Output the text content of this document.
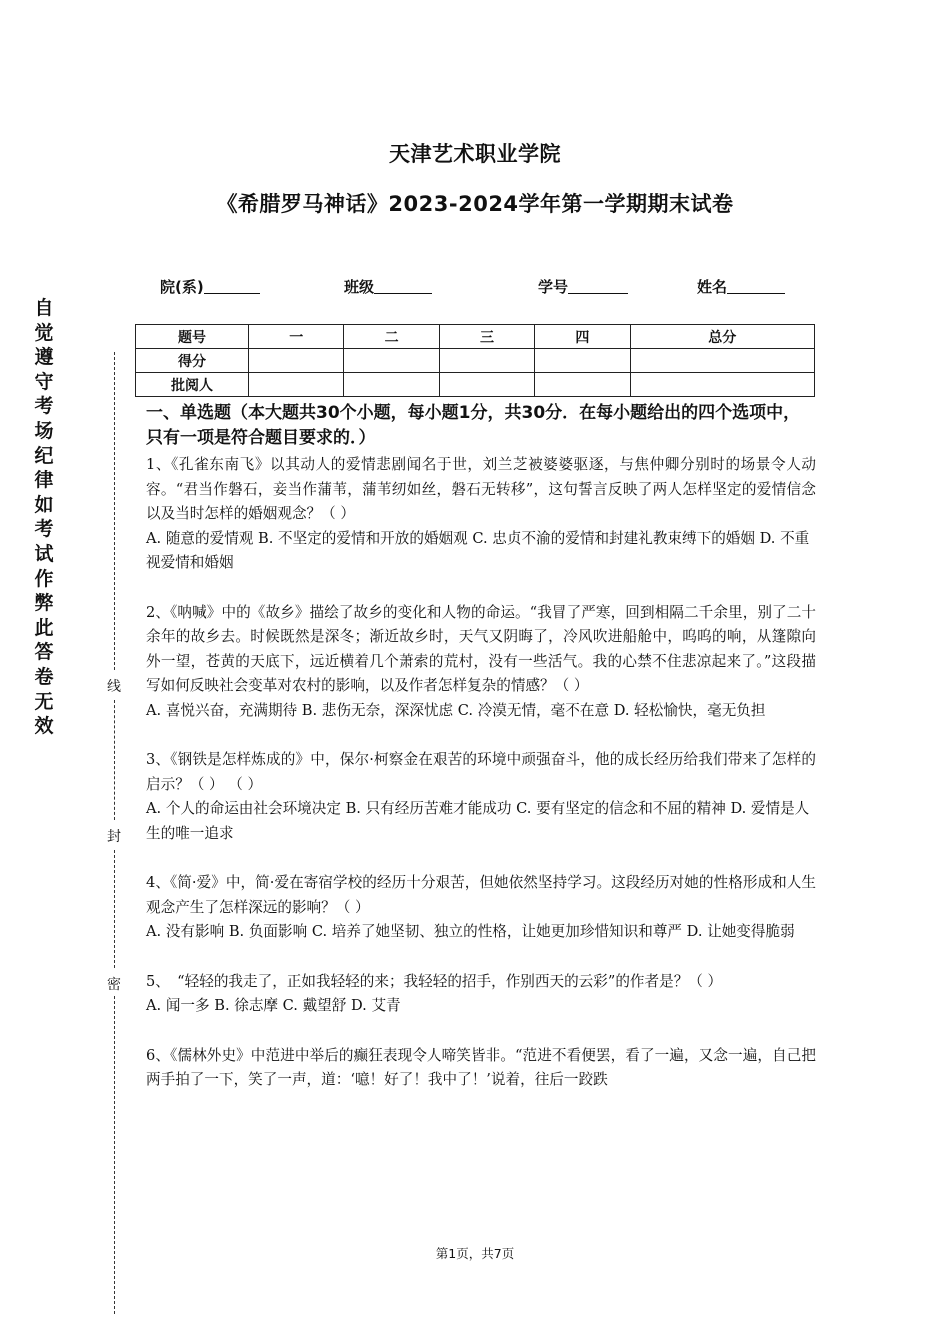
天津艺术职业学院
《希腊罗马神话》2023-2024学年第一学期期末试卷
院(系)	班级	学号	姓名
题号	一	二	三	四	总分
得分					
批阅人					
自
觉
遵
守
考
场
纪
律
如
考
试
作
弊
此
答
卷
无
效
线
封
密
一、单选题（本大题共30个小题，每小题1分，共30分．在每小题给出的四个选项中，只有一项是符合题目要求的．）

1、《孔雀东南飞》以其动人的爱情悲剧闻名于世，刘兰芝被婆婆驱逐，与焦仲卿分别时的场景令人动容。“君当作磐石，妾当作蒲苇，蒲苇纫如丝，磐石无转移”，这句誓言反映了两人怎样坚定的爱情信念以及当时怎样的婚姻观念？（ ）

A. 随意的爱情观 B. 不坚定的爱情和开放的婚姻观 C. 忠贞不渝的爱情和封建礼教束缚下的婚姻 D. 不重视爱情和婚姻

2、《呐喊》中的《故乡》描绘了故乡的变化和人物的命运。“我冒了严寒，回到相隔二千余里，别了二十余年的故乡去。时候既然是深冬；渐近故乡时，天气又阴晦了，冷风吹进船舱中，呜呜的响，从篷隙向外一望，苍黄的天底下，远近横着几个萧索的荒村，没有一些活气。我的心禁不住悲凉起来了。”这段描写如何反映社会变革对农村的影响，以及作者怎样复杂的情感？（ ）

A. 喜悦兴奋，充满期待 B. 悲伤无奈，深深忧虑 C. 冷漠无情，毫不在意 D. 轻松愉快，毫无负担

3、《钢铁是怎样炼成的》中，保尔·柯察金在艰苦的环境中顽强奋斗，他的成长经历给我们带来了怎样的启示？（ ） （ ）

A. 个人的命运由社会环境决定 B. 只有经历苦难才能成功 C. 要有坚定的信念和不屈的精神 D. 爱情是人生的唯一追求

4、《简·爱》中，简·爱在寄宿学校的经历十分艰苦，但她依然坚持学习。这段经历对她的性格形成和人生观念产生了怎样深远的影响？（ ）

A. 没有影响 B. 负面影响 C. 培养了她坚韧、独立的性格，让她更加珍惜知识和尊严 D. 让她变得脆弱

5、　“轻轻的我走了，正如我轻轻的来；我轻轻的招手，作别西天的云彩”的作者是？（ ）

A. 闻一多 B. 徐志摩 C. 戴望舒 D. 艾青

6、《儒林外史》中范进中举后的癫狂表现令人啼笑皆非。“范进不看便罢，看了一遍，又念一遍，自己把两手拍了一下，笑了一声，道：‘噫！好了！我中了！’说着，往后一跤跌

第1页，共7页
